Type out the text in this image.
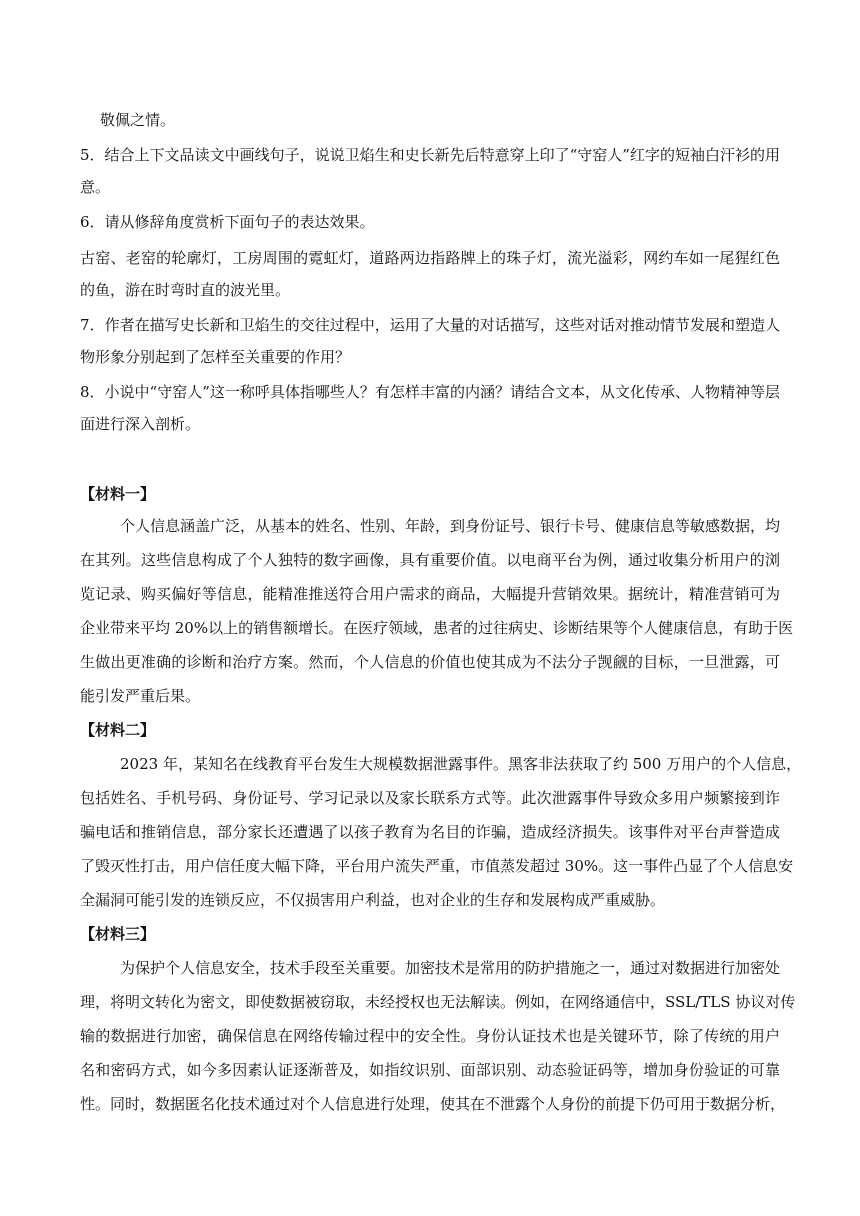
敬佩之情。
5．结合上下文品读文中画线句子，说说卫焰生和史长新先后特意穿上印了“守窑人”红字的短袖白汗衫的用
意。
6．请从修辞角度赏析下面句子的表达效果。
古窑、老窑的轮廓灯，工房周围的霓虹灯，道路两边指路牌上的珠子灯，流光溢彩，网约车如一尾猩红色
的鱼，游在时弯时直的波光里。
7．作者在描写史长新和卫焰生的交往过程中，运用了大量的对话描写，这些对话对推动情节发展和塑造人
物形象分别起到了怎样至关重要的作用？
8．小说中“守窑人”这一称呼具体指哪些人？有怎样丰富的内涵？请结合文本，从文化传承、人物精神等层
面进行深入剖析。
【材料一】
个人信息涵盖广泛，从基本的姓名、性别、年龄，到身份证号、银行卡号、健康信息等敏感数据，均
在其列。这些信息构成了个人独特的数字画像，具有重要价值。以电商平台为例，通过收集分析用户的浏
览记录、购买偏好等信息，能精准推送符合用户需求的商品，大幅提升营销效果。据统计，精准营销可为
企业带来平均 20%以上的销售额增长。在医疗领域，患者的过往病史、诊断结果等个人健康信息，有助于医
生做出更准确的诊断和治疗方案。然而，个人信息的价值也使其成为不法分子觊觎的目标，一旦泄露，可
能引发严重后果。
【材料二】
2023 年，某知名在线教育平台发生大规模数据泄露事件。黑客非法获取了约 500 万用户的个人信息，
包括姓名、手机号码、身份证号、学习记录以及家长联系方式等。此次泄露事件导致众多用户频繁接到诈
骗电话和推销信息，部分家长还遭遇了以孩子教育为名目的诈骗，造成经济损失。该事件对平台声誉造成
了毁灭性打击，用户信任度大幅下降，平台用户流失严重，市值蒸发超过 30%。这一事件凸显了个人信息安
全漏洞可能引发的连锁反应，不仅损害用户利益，也对企业的生存和发展构成严重威胁。
【材料三】
为保护个人信息安全，技术手段至关重要。加密技术是常用的防护措施之一，通过对数据进行加密处
理，将明文转化为密文，即使数据被窃取，未经授权也无法解读。例如，在网络通信中，SSL/TLS 协议对传
输的数据进行加密，确保信息在网络传输过程中的安全性。身份认证技术也是关键环节，除了传统的用户
名和密码方式，如今多因素认证逐渐普及，如指纹识别、面部识别、动态验证码等，增加身份验证的可靠
性。同时，数据匿名化技术通过对个人信息进行处理，使其在不泄露个人身份的前提下仍可用于数据分析，
